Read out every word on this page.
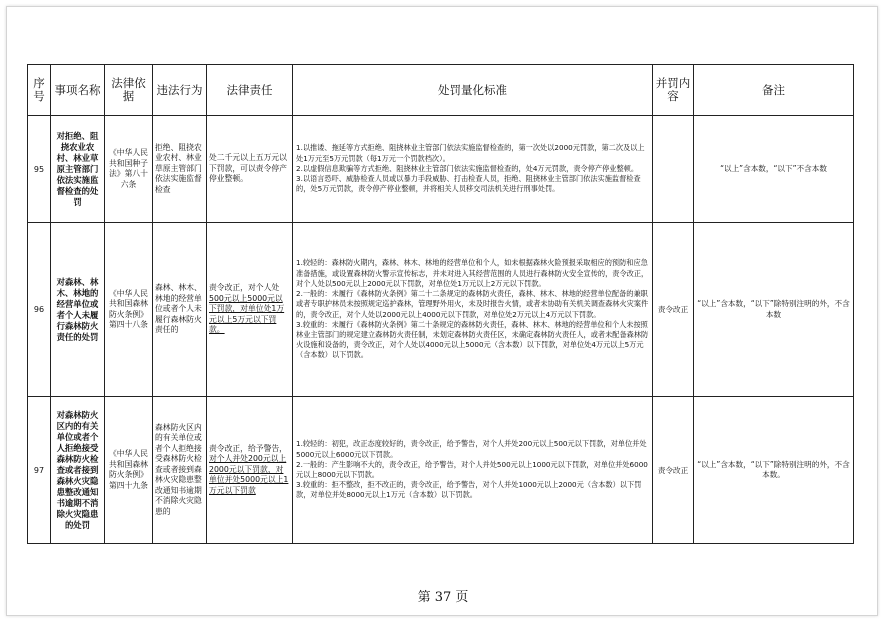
序号	事项名称	法律依据	违法行为	法律责任	处罚量化标准	并罚内容	备注
95	对拒绝、阻挠农业农村、林业草原主管部门依法实施监督检查的处罚	《中华人民共和国种子法》第八十六条	拒绝、阻挠农业农村、林业草原主管部门依法实施监督检查	处二千元以上五万元以下罚款，可以责令停产停业整顿。	1.以推诿、拖延等方式拒绝、阻挠林业主管部门依法实施监督检查的，第一次处以2000元罚款，第二次及以上处1万元至5万元罚款（每1万元一个罚款档次）。

2.以虚假信息欺骗等方式拒绝、阻挠林业主管部门依法实施监督检查的，处4万元罚款，责令停产停业整顿。

3.以语言恐吓、威胁检查人员或以暴力手段威胁、打击检查人员，拒绝、阻挠林业主管部门依法实施监督检查的，处5万元罚款，责令停产停业整顿，并将相关人员移交司法机关进行刑事处罚。		“以上”含本数，“以下”不含本数
96	对森林、林木、林地的经营单位或者个人未履行森林防火责任的处罚	《中华人民共和国森林防火条例》第四十八条	森林、林木、林地的经营单位或者个人未履行森林防火责任的	责令改正，对个人处500元以上5000元以下罚款，对单位处1万元以上5万元以下罚款。	1.较轻的：森林防火期内，森林、林木、林地的经营单位和个人，如未根据森林火险预报采取相应的预防和应急准备措施，或设置森林防火警示宣传标志，并未对进入其经营范围的人员进行森林防火安全宣传的，责令改正，对个人处以500元以上2000元以下罚款，对单位处1万元以上2万元以下罚款。

2.一般的：未履行《森林防火条例》第二十二条规定的森林防火责任，森林、林木、林地的经营单位配备的兼职或者专职护林员未按照规定巡护森林，管理野外用火，未及时报告火情，或者未协助有关机关调查森林火灾案件的，责令改正，对个人处以2000元以上4000元以下罚款，对单位处2万元以上4万元以下罚款。

3.较重的：未履行《森林防火条例》第二十条规定的森林防火责任，森林、林木、林地的经营单位和个人未按照林业主管部门的规定建立森林防火责任制，未划定森林防火责任区，未确定森林防火责任人，或者未配备森林防火设施和设备的，责令改正，对个人处以4000元以上5000元（含本数）以下罚款，对单位处4万元以上5万元（含本数）以下罚款。	责令改正	“以上”含本数，“以下”除特别注明的外，不含本数
97	对森林防火区内的有关单位或者个人拒绝接受森林防火检查或者接到森林火灾隐患整改通知书逾期不消除火灾隐患的处罚	《中华人民共和国森林防火条例》第四十九条	森林防火区内的有关单位或者个人拒绝接受森林防火检查或者接到森林火灾隐患整改通知书逾期不消除火灾隐患的	责令改正，给予警告，对个人并处200元以上2000元以下罚款，对单位并处5000元以上1万元以下罚款	1.较轻的：初犯，改正态度较好的，责令改正，给予警告，对个人并处200元以上500元以下罚款，对单位并处5000元以上6000元以下罚款。

2.一般的：产生影响不大的，责令改正，给予警告，对个人并处500元以上1000元以下罚款，对单位并处6000元以上8000元以下罚款。

3.较重的：拒不整改，拒不改正的，责令改正，给予警告，对个人并处1000元以上2000元（含本数）以下罚款，对单位并处8000元以上1万元（含本数）以下罚款。	责令改正	“以上”含本数，“以下”除特别注明的外，不含本数。
第 37 页
